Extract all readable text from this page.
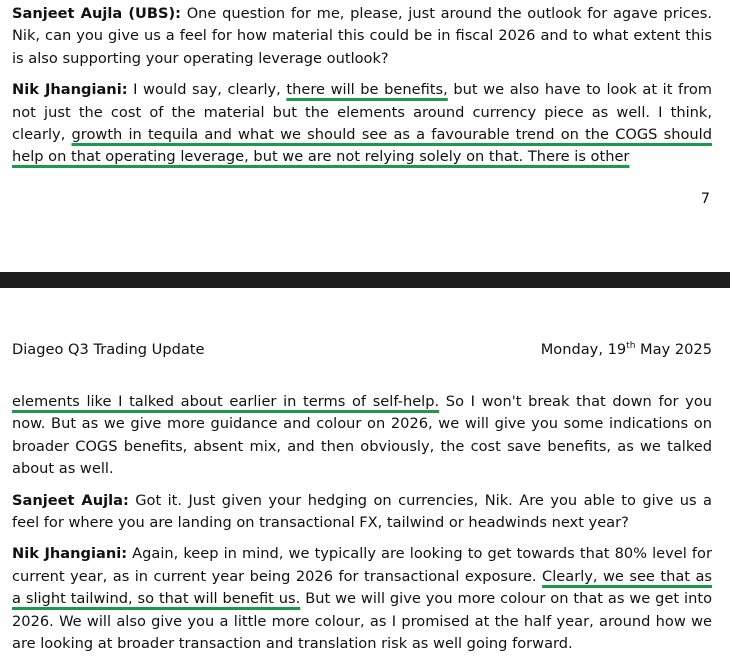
Sanjeet Aujla (UBS): One question for me, please, just around the outlook for agave prices. Nik, can you give us a feel for how material this could be in fiscal 2026 and to what extent this is also supporting your operating leverage outlook?

Nik Jhangiani: I would say, clearly, there will be benefits, but we also have to look at it from not just the cost of the material but the elements around currency piece as well. I think, clearly, growth in tequila and what we should see as a favourable trend on the COGS should help on that operating leverage, but we are not relying solely on that. There is other

7
Diageo Q3 Trading Update	Monday, 19th May 2025

elements like I talked about earlier in terms of self-help. So I won't break that down for you now. But as we give more guidance and colour on 2026, we will give you some indications on broader COGS benefits, absent mix, and then obviously, the cost save benefits, as we talked about as well.

Sanjeet Aujla: Got it. Just given your hedging on currencies, Nik. Are you able to give us a feel for where you are landing on transactional FX, tailwind or headwinds next year?

Nik Jhangiani: Again, keep in mind, we typically are looking to get towards that 80% level for current year, as in current year being 2026 for transactional exposure. Clearly, we see that as a slight tailwind, so that will benefit us. But we will give you more colour on that as we get into 2026. We will also give you a little more colour, as I promised at the half year, around how we are looking at broader transaction and translation risk as well going forward.
